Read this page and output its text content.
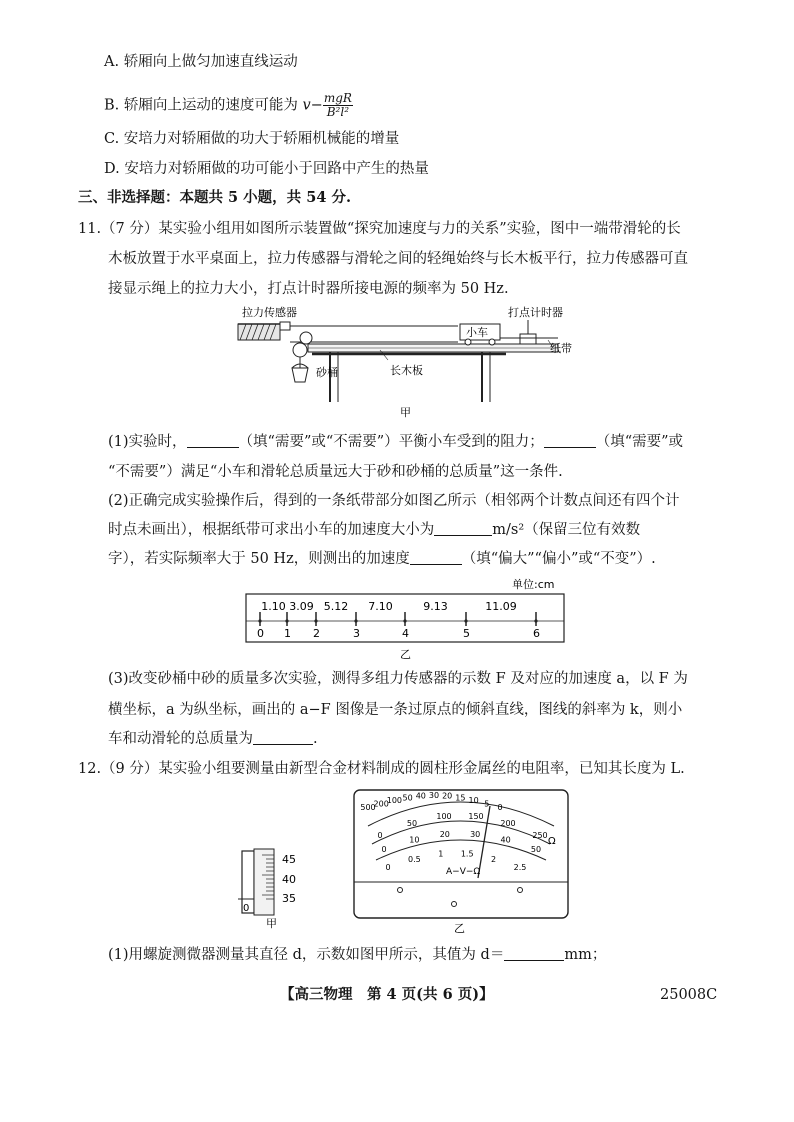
A. 轿厢向上做匀加速直线运动
B. 轿厢向上运动的速度可能为 $v- \frac{\text{mgR}}{\text{B²l²}}$
C. 安培力对轿厢做的功大于轿厢机械能的增量
D. 安培力对轿厢做的功可能小于回路中产生的热量
三、非选择题：本题共 5 小题，共 54 分.
11.（7 分）某实验小组用如图所示装置做“探究加速度与力的关系”实验，图中一端带滑轮的长
木板放置于水平桌面上，拉力传感器与滑轮之间的轻绳始终与长木板平行，拉力传感器可直
接显示绳上的拉力大小，打点计时器所接电源的频率为 50 Hz.
拉力传感器
小车
打点计时器
纸带
砂桶	长木板
甲
(1)实验时，	（填“需要”或“不需要”）平衡小车受到的阻力；	（填“需要”或
“不需要”）满足“小车和滑轮总质量远大于砂和砂桶的总质量”这一条件.
(2)正确完成实验操作后，得到的一条纸带部分如图乙所示（相邻两个计数点间还有四个计
时点未画出），根据纸带可求出小车的加速度大小为	m/s²（保留三位有效数
字），若实际频率大于 50 Hz，则测出的加速度	（填“偏大”“偏小”或“不变”）.
单位:cm
0 1 2	3	4	5	6
1.10 3.09 5.12 7.10	9.13	11.09
乙
(3)改变砂桶中砂的质量多次实验，测得多组力传感器的示数 F 及对应的加速度 a，以 F 为
横坐标，a 为纵坐标，画出的 a−F 图像是一条过原点的倾斜直线，图线的斜率为 k，则小
车和动滑轮的总质量为	.
12.（9 分）某实验小组要测量由新型合金材料制成的圆柱形金属丝的电阻率，已知其长度为 L.
45
40
35
0
甲
500
200
100 50 40 30 20 15 10 5 0
0
50
100 150
200
250
0
10
20	30
40
50
0
0.5
1 1.5
2
2.5
A−V−Ω
Ω
乙
(1)用螺旋测微器测量其直径 d，示数如图甲所示，其值为 d＝	mm；
【高三物理　第 4 页(共 6 页)】	25008C
